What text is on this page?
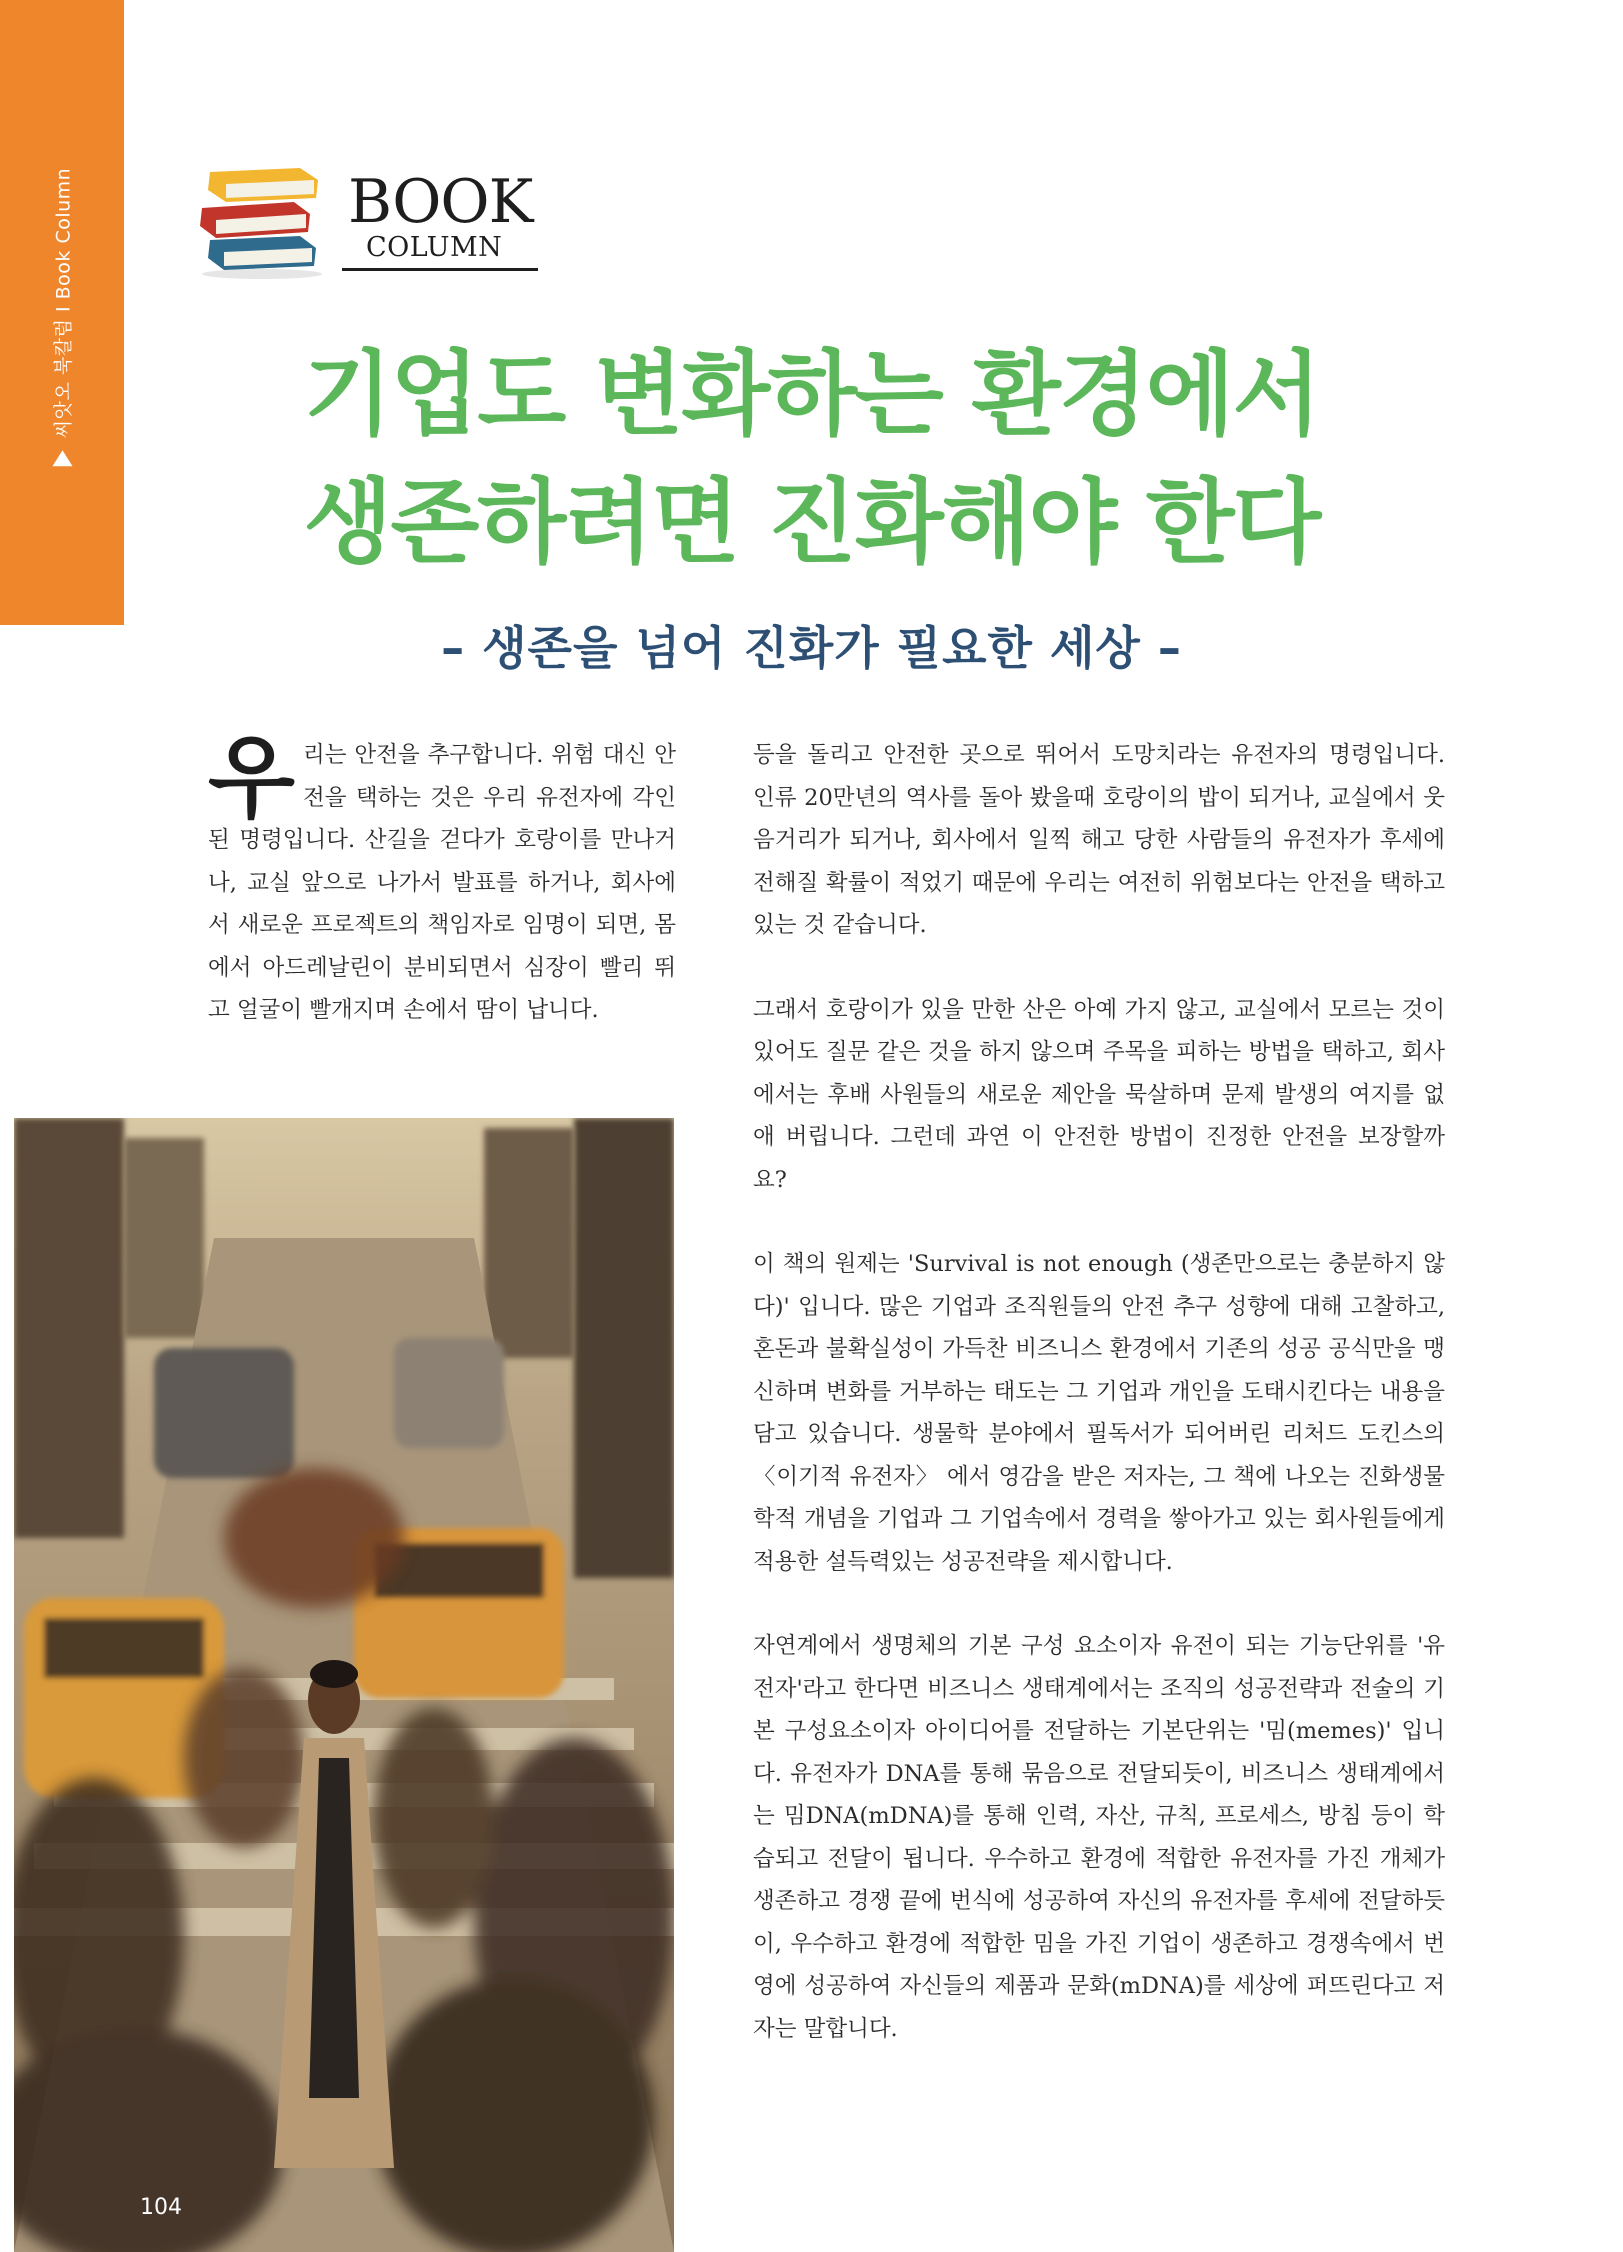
씨앗오 북칼럼 I Book Column	BOOK
COLUMN
기업도 변화하는 환경에서
생존하려면 진화해야 한다
– 생존을 넘어 진화가 필요한 세상 –
우 리는 안전을 추구합니다. 위험 대신 안전을 택하는 것은 우리 유전자에 각인된 명령입니다. 산길을 걷다가 호랑이를 만나거나, 교실 앞으로 나가서 발표를 하거나, 회사에서 새로운 프로젝트의 책임자로 임명이 되면, 몸에서 아드레날린이 분비되면서 심장이 빨리 뛰고 얼굴이 빨개지며 손에서 땀이 납니다.
104

등을 돌리고 안전한 곳으로 뛰어서 도망치라는 유전자의 명령입니다. 인류 20만년의 역사를 돌아 봤을때 호랑이의 밥이 되거나, 교실에서 웃음거리가 되거나, 회사에서 일찍 해고 당한 사람들의 유전자가 후세에 전해질 확률이 적었기 때문에 우리는 여전히 위험보다는 안전을 택하고 있는 것 같습니다.

그래서 호랑이가 있을 만한 산은 아예 가지 않고, 교실에서 모르는 것이 있어도 질문 같은 것을 하지 않으며 주목을 피하는 방법을 택하고, 회사에서는 후배 사원들의 새로운 제안을 묵살하며 문제 발생의 여지를 없애 버립니다. 그런데 과연 이 안전한 방법이 진정한 안전을 보장할까요?

이 책의 원제는 'Survival is not enough (생존만으로는 충분하지 않다)' 입니다. 많은 기업과 조직원들의 안전 추구 성향에 대해 고찰하고, 혼돈과 불확실성이 가득찬 비즈니스 환경에서 기존의 성공 공식만을 맹신하며 변화를 거부하는 태도는 그 기업과 개인을 도태시킨다는 내용을 담고 있습니다. 생물학 분야에서 필독서가 되어버린 리처드 도킨스의 〈이기적 유전자〉 에서 영감을 받은 저자는, 그 책에 나오는 진화생물학적 개념을 기업과 그 기업속에서 경력을 쌓아가고 있는 회사원들에게 적용한 설득력있는 성공전략을 제시합니다.

자연계에서 생명체의 기본 구성 요소이자 유전이 되는 기능단위를 '유전자'라고 한다면 비즈니스 생태계에서는 조직의 성공전략과 전술의 기본 구성요소이자 아이디어를 전달하는 기본단위는 '밈(memes)' 입니다. 유전자가 DNA를 통해 묶음으로 전달되듯이, 비즈니스 생태계에서는 밈DNA(mDNA)를 통해 인력, 자산, 규칙, 프로세스, 방침 등이 학습되고 전달이 됩니다. 우수하고 환경에 적합한 유전자를 가진 개체가 생존하고 경쟁 끝에 번식에 성공하여 자신의 유전자를 후세에 전달하듯이, 우수하고 환경에 적합한 밈을 가진 기업이 생존하고 경쟁속에서 번영에 성공하여 자신들의 제품과 문화(mDNA)를 세상에 퍼뜨린다고 저자는 말합니다.
